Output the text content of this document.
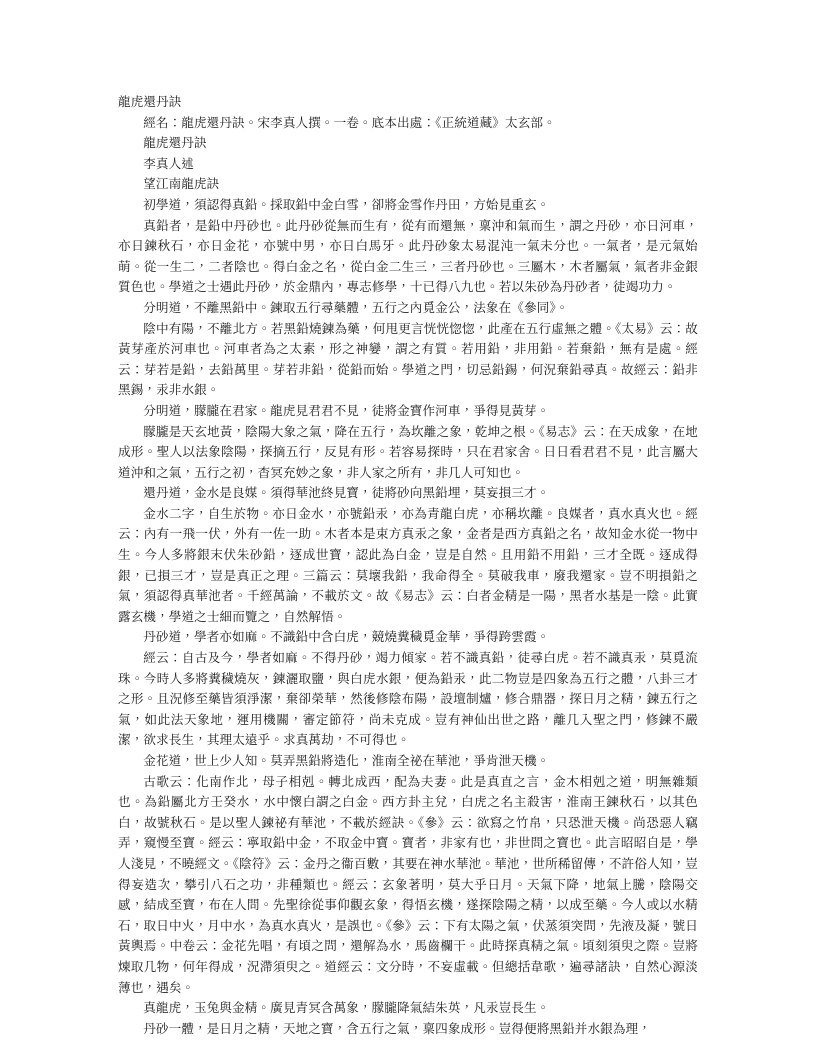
龍虎還丹訣

經名：龍虎還丹訣。宋李真人撰。一卷。底本出處：《正統道藏》太玄部。

龍虎還丹訣

李真人述

望江南龍虎訣

初學道，須認得真鉛。採取鉛中金白雪，卻將金雪作丹田，方始見重玄。

真鉛者，是鉛中丹砂也。此丹砂從無而生有，從有而還無，稟沖和氣而生，謂之丹砂，亦日河車，亦日鍊秋石，亦日金花，亦號中男，亦日白馬牙。此丹砂象太易混沌一氣未分也。一氣者，是元氣始萌。從一生二，二者陰也。得白金之名，從白金二生三，三者丹砂也。三屬木，木者屬氣，氣者非金銀質色也。學道之士遇此丹砂，於金鼎內，專志修學，十已得八九也。若以朱砂為丹砂者，徒竭功力。

分明道，不離黑鉛中。鍊取五行尋藥體，五行之內覓金公，法象在《參同》。

陰中有陽，不離北方。若黑鉛燒鍊為藥，何甩更言恍恍惚惚，此產在五行虛無之體。《太易》云：故黃芽產於河車也。河車者為之太素，形之神孌，謂之有質。若用鉛，非用鉛。若棄鉛，無有是處。經云：芽若是鉛，去鉛萬里。芽若非鉛，從鉛而始。學道之門，切忌鉛錫，何況棄鉛尋真。故經云：鉛非黑錫，汞非水銀。

分明道，朦朧在君家。龍虎見君君不見，徒將金寶作河車，爭得見黃芽。

朦朧是天玄地黃，陰陽大象之氣，降在五行，為坎離之象，乾坤之根。《易志》云：在天成象，在地成形。聖人以法象陰陽，探摘五行，反見有形。若容易探時，只在君家舍。日日看君君不見，此言屬大道沖和之氣，五行之初，杳冥充妙之象，非人家之所有，非几人可知也。

還丹道，金水是良媒。須得華池終見寶，徒將砂向黑鉛埋，莫妄損三才。

金水二字，自生於物。亦日金水，亦號鉛汞，亦為青龍白虎，亦稱坎離。良媒者，真水真火也。經云：內有一飛一伏，外有一佐一助。木者本是束方真汞之象，金者是西方真鉛之名，故知金水從一物中生。今人多將銀末伏朱砂鉛，逐成世寶，認此為白金，豈是自然。且用鉛不用鉛，三才全既。逐成得銀，已損三才，豈是真正之理。三篇云：莫壞我鉛，我命得全。莫破我車，廢我還家。豈不明損鉛之氣，須認得真華池者。千經萬論，不載於文。故《易志》云：白者金精是一陽，黑者水基是一陰。此實露玄機，學道之士細而覽之，自然解悟。

丹砂道，學者亦如麻。不識鉛中含白虎，競燒糞穢覓金華，爭得跨雲霞。

經云：自古及今，學者如麻。不得丹砂，竭力傾家。若不識真鉛，徒尋白虎。若不識真汞，莫覓流珠。今時人多將糞穢燒灰，鍊灑取鹽，與白虎水銀，便為鉛汞，此二物豈是四象為五行之體，八卦三才之形。且況修至藥皆須淨潔，棄卻榮華，然後修陰布陽，設壇制爐，修合鼎器，探日月之精，鍊五行之氣，如此法天象地，運用機關，審定節符，尚未克成。豈有神仙出世之路，離几入聖之門，修鍊不嚴潔，欲求長生，其理太遠乎。求真萬劫，不可得也。

金花道，世上少人知。莫弄黑鉛將造化，淮南全祕在華池，爭肯泄天機。

古歌云：化南作北，母子相剋。轉北成西，配為夫妻。此是真直之言，金木相剋之道，明無雜類也。為鉛屬北方壬癸水，水中懷白謂之白金。西方卦主兌，白虎之名主殺害，淮南王鍊秋石，以其色白，故號秋石。是以聖人鍊祕有華池，不載於經訣。《參》云：欲寫之竹帛，只恐泄天機。尚恐惡人竊弄，窺慢至寶。經云：寧取鉛中金，不取金中寶。寶者，非家有也，非世問之寶也。此言昭昭自是，學人淺見，不曉經文。《陰符》云：金丹之衞百數，其要在神水華池。華池，世所稀留傳，不許俗人知，豈得妄造次，攀引八石之功，非種類也。經云：玄象著明，莫大乎日月。天氣下降，地氣上騰，陰陽交感，結成至寶，布在人問。先聖徐從事仰觀玄象，得悟玄機，遂探陰陽之精，以成至藥。今人或以水精石，取日中火，月中水，為真水真火，是誤也。《參》云：下有太陽之氣，伏蒸須突問，先液及凝，號日黃輿焉。中卷云：金花先唱，有頃之問，還解為水，馬齒欄干。此時探真精之氣。頃刻須臾之際。豈將煉取几物，何年得成，況滯須臾之。道經云：文分時，不妄虛載。但總括韋歌，遍尋諸訣，自然心源淡薄也，遇矣。

真龍虎，玉兔與金精。廣見青冥含萬象，朦朧降氣結朱英，凡汞豈長生。

丹砂一體，是日月之精，天地之寶，含五行之氣，稟四象成形。豈得便將黑鉛并水銀為理，
